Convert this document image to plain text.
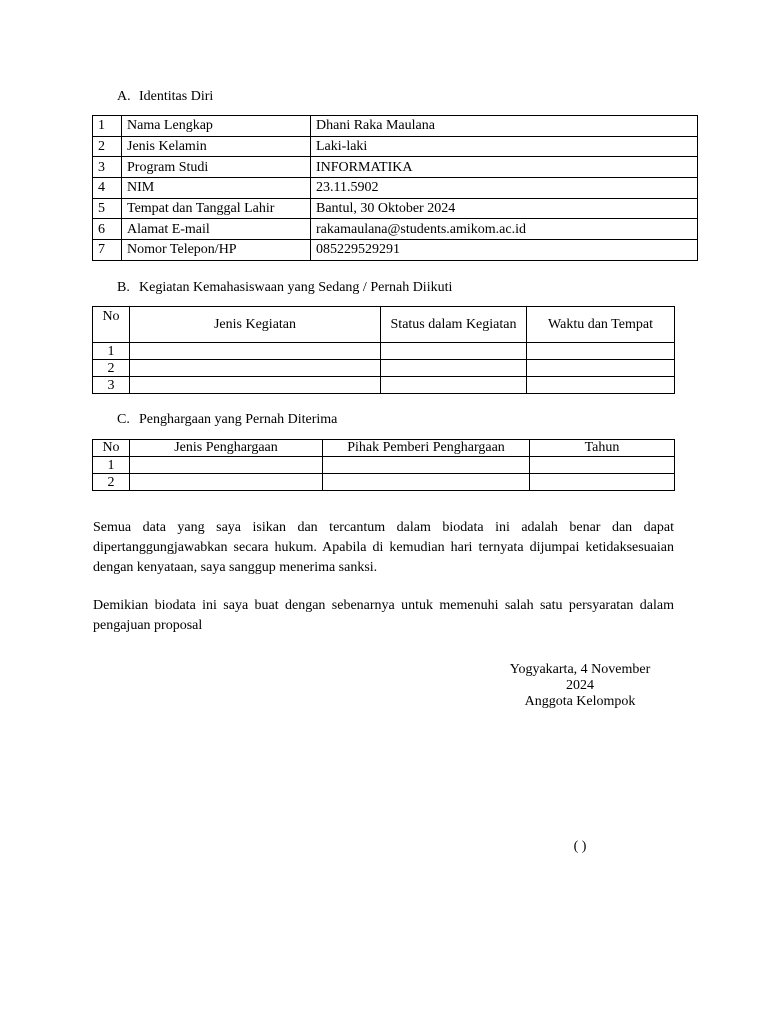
A. Identitas Diri
1	Nama Lengkap	Dhani Raka Maulana
2	Jenis Kelamin	Laki-laki
3	Program Studi	INFORMATIKA
4	NIM	23.11.5902
5	Tempat dan Tanggal Lahir	Bantul, 30 Oktober 2024
6	Alamat E-mail	rakamaulana@students.amikom.ac.id
7	Nomor Telepon/HP	085229529291
B. Kegiatan Kemahasiswaan yang Sedang / Pernah Diikuti
No	Jenis Kegiatan	Status dalam Kegiatan	Waktu dan Tempat
1			
2			
3			
C. Penghargaan yang Pernah Diterima
No	Jenis Penghargaan	Pihak Pemberi Penghargaan	Tahun
1			
2			

Semua data yang saya isikan dan tercantum dalam biodata ini adalah benar dan dapat dipertanggungjawabkan secara hukum. Apabila di kemudian hari ternyata dijumpai ketidaksesuaian dengan kenyataan, saya sanggup menerima sanksi.

Demikian biodata ini saya buat dengan sebenarnya untuk memenuhi salah satu persyaratan dalam pengajuan proposal

Yogyakarta, 4 November
2024
Anggota Kelompok
( )
